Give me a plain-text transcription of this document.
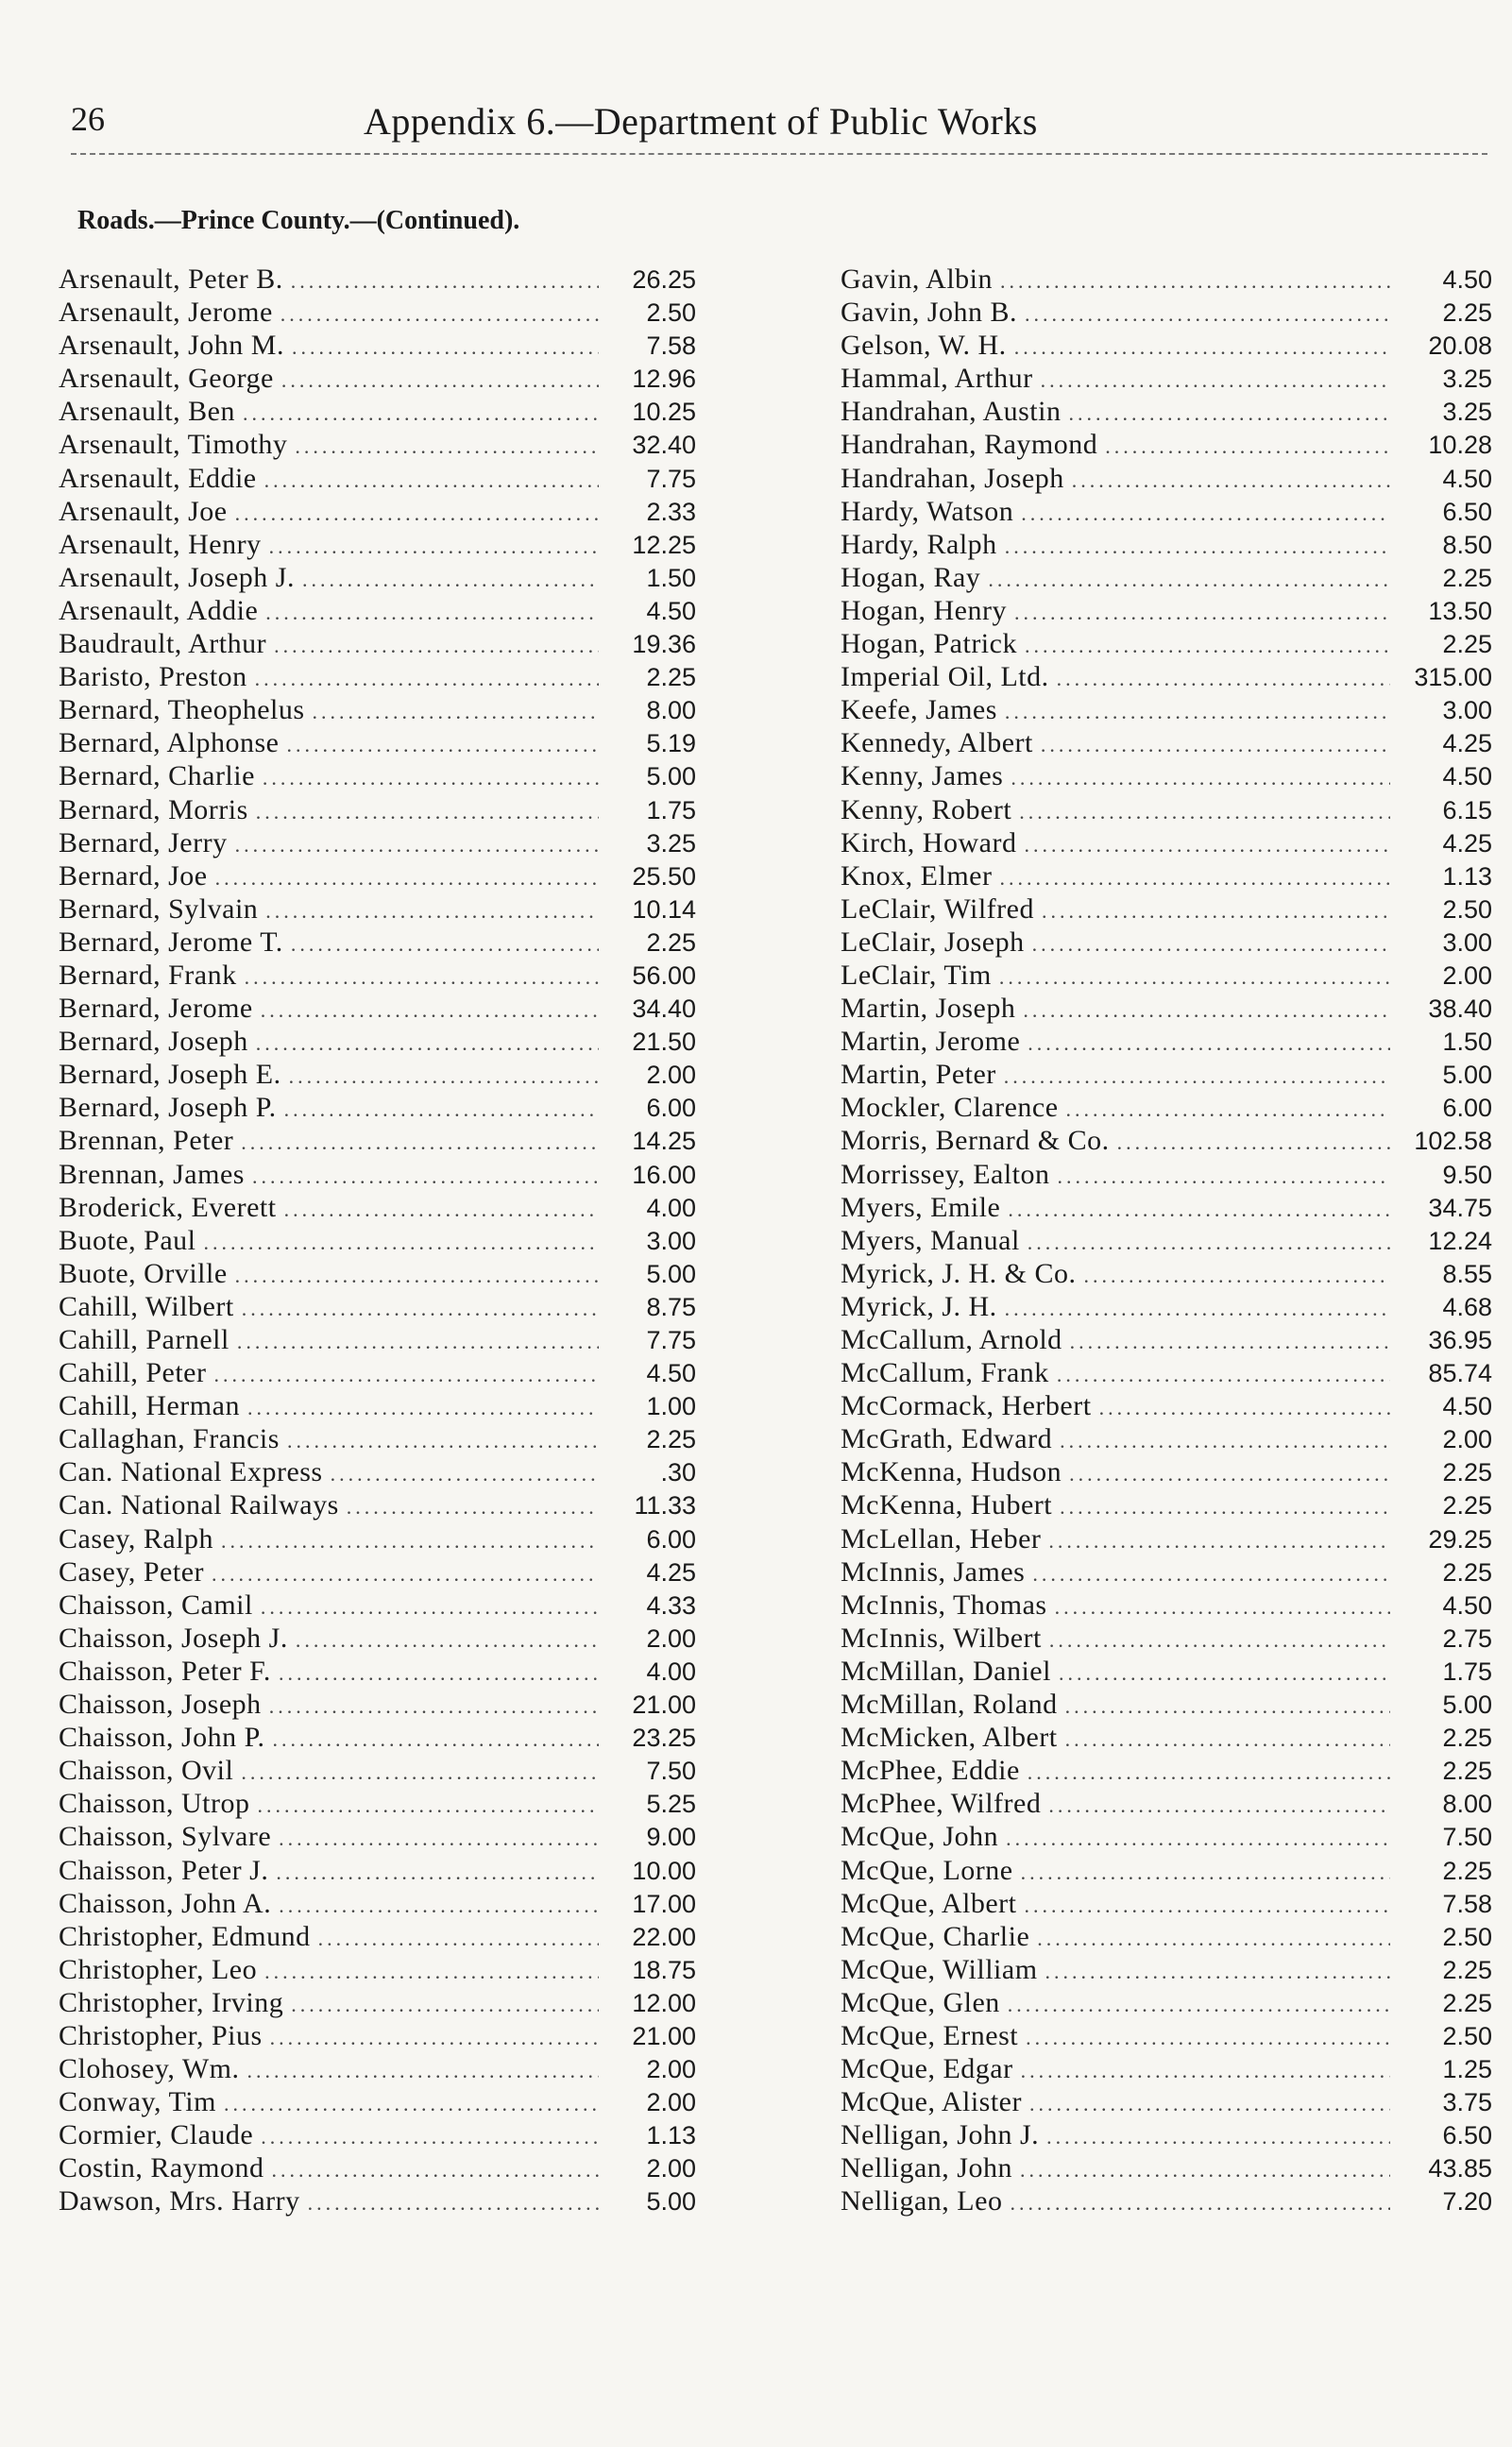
26	Appendix 6.—Department of Public Works
Roads.—Prince County.—(Continued).
Arsenault, Peter B. .....	26.25
Arsenault, Jerome .....	2.50
Arsenault, John M. .....	7.58
Arsenault, George .....	12.96
Arsenault, Ben .....	10.25
Arsenault, Timothy .....	32.40
Arsenault, Eddie .....	7.75
Arsenault, Joe .....	2.33
Arsenault, Henry .....	12.25
Arsenault, Joseph J. .....	1.50
Arsenault, Addie .....	4.50
Baudrault, Arthur .....	19.36
Baristo, Preston .....	2.25
Bernard, Theophelus .....	8.00
Bernard, Alphonse .....	5.19
Bernard, Charlie .....	5.00
Bernard, Morris .....	1.75
Bernard, Jerry .....	3.25
Bernard, Joe .....	25.50
Bernard, Sylvain .....	10.14
Bernard, Jerome T. .....	2.25
Bernard, Frank .....	56.00
Bernard, Jerome .....	34.40
Bernard, Joseph .....	21.50
Bernard, Joseph E. .....	2.00
Bernard, Joseph P. .....	6.00
Brennan, Peter .....	14.25
Brennan, James .....	16.00
Broderick, Everett .....	4.00
Buote, Paul .....	3.00
Buote, Orville .....	5.00
Cahill, Wilbert .....	8.75
Cahill, Parnell .....	7.75
Cahill, Peter .....	4.50
Cahill, Herman .....	1.00
Callaghan, Francis .....	2.25
Can. National Express .....	.30
Can. National Railways .....	11.33
Casey, Ralph .....	6.00
Casey, Peter .....	4.25
Chaisson, Camil .....	4.33
Chaisson, Joseph J. .....	2.00
Chaisson, Peter F. .....	4.00
Chaisson, Joseph .....	21.00
Chaisson, John P. .....	23.25
Chaisson, Ovil .....	7.50
Chaisson, Utrop .....	5.25
Chaisson, Sylvare .....	9.00
Chaisson, Peter J. .....	10.00
Chaisson, John A. .....	17.00
Christopher, Edmund .....	22.00
Christopher, Leo .....	18.75
Christopher, Irving .....	12.00
Christopher, Pius .....	21.00
Clohosey, Wm. .....	2.00
Conway, Tim .....	2.00
Cormier, Claude .....	1.13
Costin, Raymond .....	2.00
Dawson, Mrs. Harry .....	5.00
Gavin, Albin .....	4.50
Gavin, John B. .....	2.25
Gelson, W. H. .....	20.08
Hammal, Arthur .....	3.25
Handrahan, Austin .....	3.25
Handrahan, Raymond .....	10.28
Handrahan, Joseph .....	4.50
Hardy, Watson .....	6.50
Hardy, Ralph .....	8.50
Hogan, Ray .....	2.25
Hogan, Henry .....	13.50
Hogan, Patrick .....	2.25
Imperial Oil, Ltd. .....	315.00
Keefe, James .....	3.00
Kennedy, Albert .....	4.25
Kenny, James .....	4.50
Kenny, Robert .....	6.15
Kirch, Howard .....	4.25
Knox, Elmer .....	1.13
LeClair, Wilfred .....	2.50
LeClair, Joseph .....	3.00
LeClair, Tim .....	2.00
Martin, Joseph .....	38.40
Martin, Jerome .....	1.50
Martin, Peter .....	5.00
Mockler, Clarence .....	6.00
Morris, Bernard & Co. .....	102.58
Morrissey, Ealton .....	9.50
Myers, Emile .....	34.75
Myers, Manual .....	12.24
Myrick, J. H. & Co. .....	8.55
Myrick, J. H. .....	4.68
McCallum, Arnold .....	36.95
McCallum, Frank .....	85.74
McCormack, Herbert .....	4.50
McGrath, Edward .....	2.00
McKenna, Hudson .....	2.25
McKenna, Hubert .....	2.25
McLellan, Heber .....	29.25
McInnis, James .....	2.25
McInnis, Thomas .....	4.50
McInnis, Wilbert .....	2.75
McMillan, Daniel .....	1.75
McMillan, Roland .....	5.00
McMicken, Albert .....	2.25
McPhee, Eddie .....	2.25
McPhee, Wilfred .....	8.00
McQue, John .....	7.50
McQue, Lorne .....	2.25
McQue, Albert .....	7.58
McQue, Charlie .....	2.50
McQue, William .....	2.25
McQue, Glen .....	2.25
McQue, Ernest .....	2.50
McQue, Edgar .....	1.25
McQue, Alister .....	3.75
Nelligan, John J. .....	6.50
Nelligan, John .....	43.85
Nelligan, Leo .....	7.20
